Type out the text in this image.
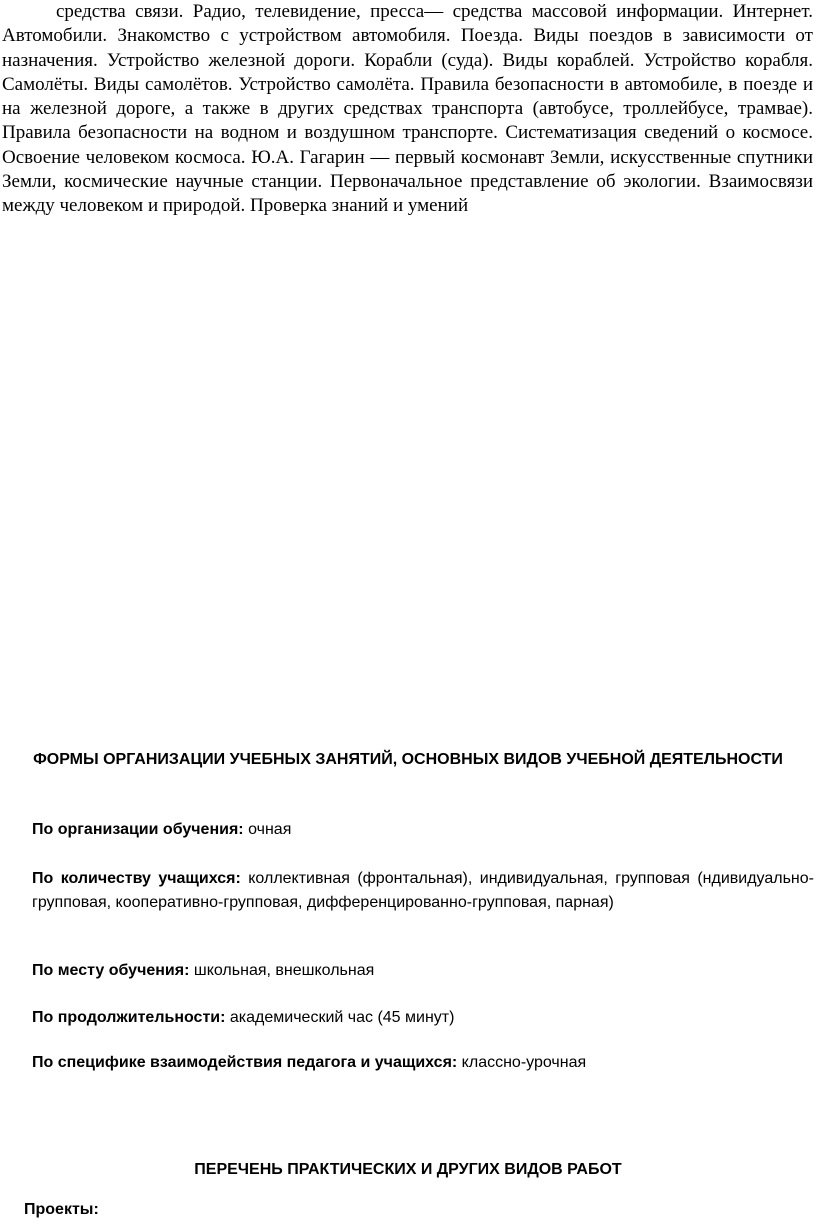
средства связи. Радио, телевидение, пресса— средства массовой информации. Интернет. Автомобили. Знакомство с устройством автомобиля. Поезда. Виды поездов в зависимости от назначения. Устройство железной дороги. Корабли (суда). Виды кораблей. Устройство корабля. Самолёты. Виды самолётов. Устройство самолёта. Правила безопасности в автомобиле, в поезде и на железной дороге, а также в других средствах транспорта (автобусе, троллейбусе, трамвае). Правила безопасности на водном и воздушном транспорте. Систематизация сведений о космосе. Освоение человеком космоса. Ю.А. Гагарин — первый космонавт Земли, искусственные спутники Земли, космические научные станции. Первоначальное представление об экологии. Взаимосвязи между человеком и природой. Проверка знаний и умений

ФОРМЫ ОРГАНИЗАЦИИ УЧЕБНЫХ ЗАНЯТИЙ, ОСНОВНЫХ ВИДОВ УЧЕБНОЙ ДЕЯТЕЛЬНОСТИ

По организации обучения: очная

По количеству учащихся: коллективная (фронтальная), индивидуальная, групповая (ндивидуально-групповая, кооперативно-групповая, дифференцированно-групповая, парная)

По месту обучения: школьная, внешкольная

По продолжительности: академический час (45 минут)

По специфике взаимодействия педагога и учащихся: классно-урочная

ПЕРЕЧЕНЬ ПРАКТИЧЕСКИХ И ДРУГИХ ВИДОВ РАБОТ

Проекты:
